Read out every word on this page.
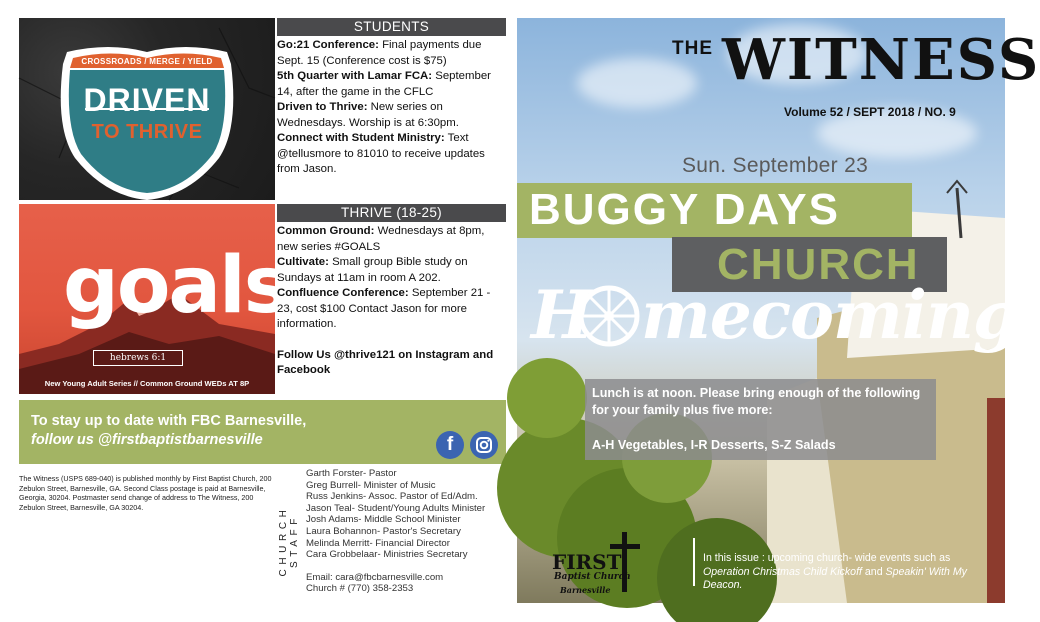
CROSSROADS / MERGE / YIELD
DRIVEN
TO THRIVE
STUDENTS

Go:21 Conference: Final payments due Sept. 15 (Conference cost is $75)

5th Quarter with Lamar FCA: September 14, after the game in the CFLC

Driven to Thrive: New series on Wednesdays. Worship is at 6:30pm.

Connect with Student Ministry: Text @tellusmore to 81010 to receive updates from Jason.

goals
hebrews 6:1
New Young Adult Series // Common Ground WEDs AT 8P
THRIVE (18-25)

Common Ground: Wednesdays at 8pm, new series #GOALS

Cultivate: Small group Bible study on Sundays at 11am in room A 202.

Confluence Conference: September 21 - 23, cost $100 Contact Jason for more information.

Follow Us @thrive121 on Instagram and Facebook

To stay up to date with FBC Barnesville,
follow us @firstbaptistbarnesville	f
The Witness (USPS 689-040) is published monthly by First Baptist Church, 200 Zebulon Street, Barnesville, GA. Second Class postage is paid at Barnesville, Georgia, 30204. Postmaster send change of address to The Witness, 200 Zebulon Street, Barnesville, GA 30204.	CHURCH STAFF
Garth Forster- Pastor
Greg Burrell- Minister of Music
Russ Jenkins- Assoc. Pastor of Ed/Adm.
Jason Teal- Student/Young Adults Minister
Josh Adams- Middle School Minister
Laura Bohannon- Pastor's Secretary
Melinda Merritt- Financial Director
Cara Grobbelaar- Ministries Secretary
Email: cara@fbcbarnesville.com
Church # (770) 358-2353
THE WITNESS
Volume 52 / SEPT 2018 / NO. 9
Sun. September 23
BUGGY DAYS
CHURCH
H mecoming
Lunch is at noon. Please bring enough of the following for your family plus five more:
A-H Vegetables, I-R Desserts, S-Z Salads
FIRST
Baptist Church
Barnesville
In this issue : upcoming church- wide events such as Operation Christmas Child Kickoff and Speakin' With My Deacon.
